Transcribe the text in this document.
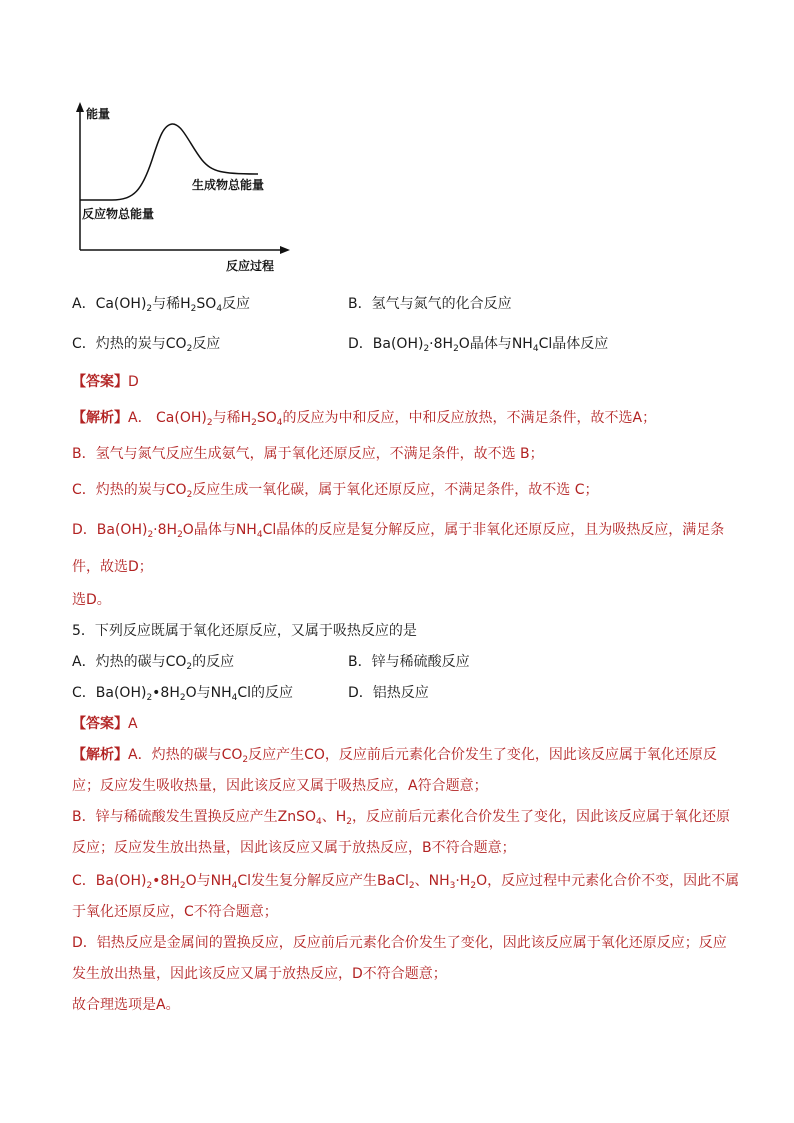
能量
反应过程
反应物总能量
生成物总能量
A．$Ca(OH)_2$与稀$H_2SO_4$反应	B．氢气与氮气的化合反应
C．灼热的炭与$CO_2$反应	D．$Ba(OH)_2\cdot 8H_2O$晶体与$NH_4Cl$晶体反应
【答案】D
【解析】A． $Ca(OH)_2$与稀$H_2SO_4$的反应为中和反应，中和反应放热，不满足条件，故不选A；
B．氢气与氮气反应生成氨气，属于氧化还原反应，不满足条件，故不选 B；
C．灼热的炭与$CO_2$反应生成一氧化碳，属于氧化还原反应，不满足条件，故不选 C；
D．$Ba(OH)_2\cdot 8H_2O$晶体与$NH_4Cl$晶体的反应是复分解反应，属于非氧化还原反应，且为吸热反应，满足条
件，故选D；
选D。
5．下列反应既属于氧化还原反应，又属于吸热反应的是
A．灼热的碳与$CO_2$的反应	B．锌与稀硫酸反应
C．$Ba(OH)_2•8H_2O$与$NH_4Cl$的反应	D．铝热反应
【答案】A
【解析】A．灼热的碳与$CO_2$反应产生CO，反应前后元素化合价发生了变化，因此该反应属于氧化还原反
应；反应发生吸收热量，因此该反应又属于吸热反应，A符合题意；
B．锌与稀硫酸发生置换反应产生ZnSO$_4$、$H_2$，反应前后元素化合价发生了变化，因此该反应属于氧化还原
反应；反应发生放出热量，因此该反应又属于放热反应，B不符合题意；
C．$Ba(OH)_2•8H_2O$与$NH_4Cl$发生复分解反应产生BaCl$_2$、$NH_3\cdot H_2O$，反应过程中元素化合价不变，因此不属
于氧化还原反应，C不符合题意；
D．铝热反应是金属间的置换反应，反应前后元素化合价发生了变化，因此该反应属于氧化还原反应；反应
发生放出热量，因此该反应又属于放热反应，D不符合题意；
故合理选项是A。
